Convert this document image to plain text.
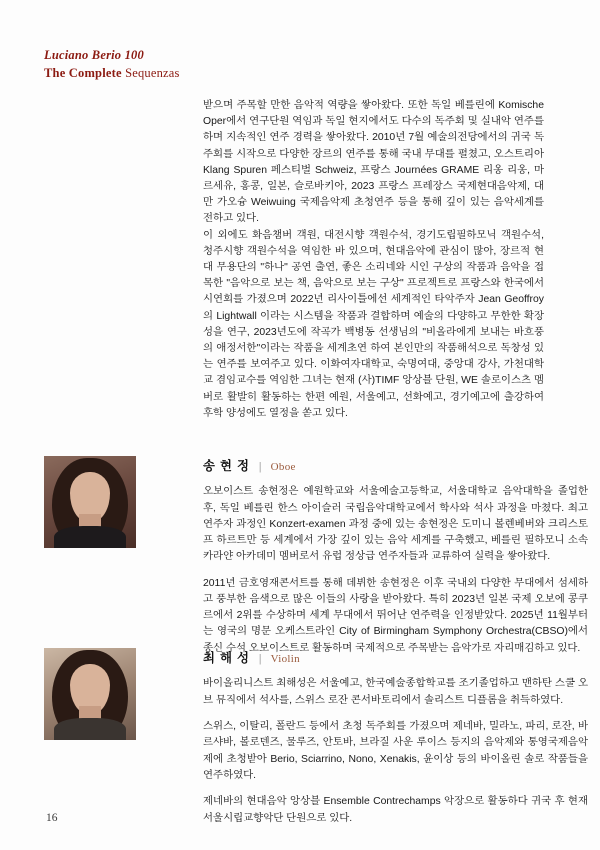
Luciano Berio 100
The Complete Sequenzas

받으며 주목할 만한 음악적 역량을 쌓아왔다. 또한 독일 베를린에 Komische Oper에서 연구단원 역임과 독일 현지에서도 다수의 독주회 및 실내악 연주를 하며 지속적인 연주 경력을 쌓아왔다. 2010년 7월 예술의전당에서의 귀국 독주회를 시작으로 다양한 장르의 연주를 통해 국내 무대를 펼쳤고, 오스트리아 Klang Spuren 페스티벌 Schweiz, 프랑스 Journées GRAME 리옹 리옹, 마르세유, 홍콩, 일본, 슬로바키아, 2023 프랑스 프레장스 국제현대음악제, 대만 가오슝 Weiwuing 국제음악제 초청연주 등을 통해 깊이 있는 음악세계를 전하고 있다.

이 외에도 화음챔버 객원, 대전시향 객원수석, 경기도립필하모닉 객원수석, 청주시향 객원수석을 역임한 바 있으며, 현대음악에 관심이 많아, 장르적 현대 무용단의 "하나" 공연 출연, 좋은 소리네와 시인 구상의 작품과 음악을 접목한 "음악으로 보는 책, 음악으로 보는 구상" 프로젝트로 프랑스와 한국에서 시연회를 가졌으며 2022년 리사이틀에선 세계적인 타악주자 Jean Geoffroy의 Lightwall 이라는 시스템을 작품과 결합하며 예술의 다양하고 무한한 확장성을 연구, 2023년도에 작곡가 백병동 선생님의 "비올라에게 보내는 바흐풍의 애정서한"이라는 작품을 세계초연 하여 본인만의 작품해석으로 독창성 있는 연주를 보여주고 있다. 이화여자대학교, 숙명여대, 중앙대 강사, 가천대학교 겸임교수를 역임한 그녀는 현재 (사)TIMF 앙상블 단원, WE 솔로이스츠 멤버로 활발히 활동하는 한편 예원, 서울예고, 선화예고, 경기예고에 출강하여 후학 양성에도 열정을 쏟고 있다.

송 현 정 | Oboe

오보이스트 송현정은 예원학교와 서울예술고등학교, 서울대학교 음악대학을 졸업한 후, 독일 베를린 한스 아이슬러 국립음악대학교에서 학사와 석사 과정을 마쳤다. 최고연주자 과정인 Konzert-examen 과정 중에 있는 송현정은 도미니 볼렌베버와 크리스토프 하르트만 등 세계에서 가장 깊이 있는 음악 세계를 구축했고, 베를린 필하모니 소속 카라얀 아카데미 멤버로서 유럽 정상급 연주자들과 교류하여 실력을 쌓아왔다.

2011년 금호영재콘서트를 통해 데뷔한 송현정은 이후 국내외 다양한 무대에서 섬세하고 풍부한 음색으로 많은 이들의 사랑을 받아왔다. 특히 2023년 일본 국제 오보에 콩쿠르에서 2위를 수상하며 세계 무대에서 뛰어난 연주력을 인정받았다. 2025년 11월부터는 영국의 명문 오케스트라인 City of Birmingham Symphony Orchestra(CBSO)에서 종신 수석 오보이스트로 활동하며 국제적으로 주목받는 음악가로 자리매김하고 있다.

최 해 성 | Violin

바이올리니스트 최해성은 서울예고, 한국예술종합학교를 조기졸업하고 맨하탄 스쿨 오브 뮤직에서 석사를, 스위스 로잔 콘서바토리에서 솔리스트 디플롬을 취득하였다.

스위스, 이탈리, 폴란드 등에서 초청 독주회를 가졌으며 제네바, 밀라노, 파리, 로잔, 바르샤바, 볼로덴즈, 물루즈, 안토바, 브라질 사운 루이스 등지의 음악제와 통영국제음악제에 초청받아 Berio, Sciarrino, Nono, Xenakis, 윤이상 등의 바이올린 솔로 작품들을 연주하였다.

제네바의 현대음악 앙상블 Ensemble Contrechamps 악장으로 활동하다 귀국 후 현재 서울시립교향악단 단원으로 있다.

16
